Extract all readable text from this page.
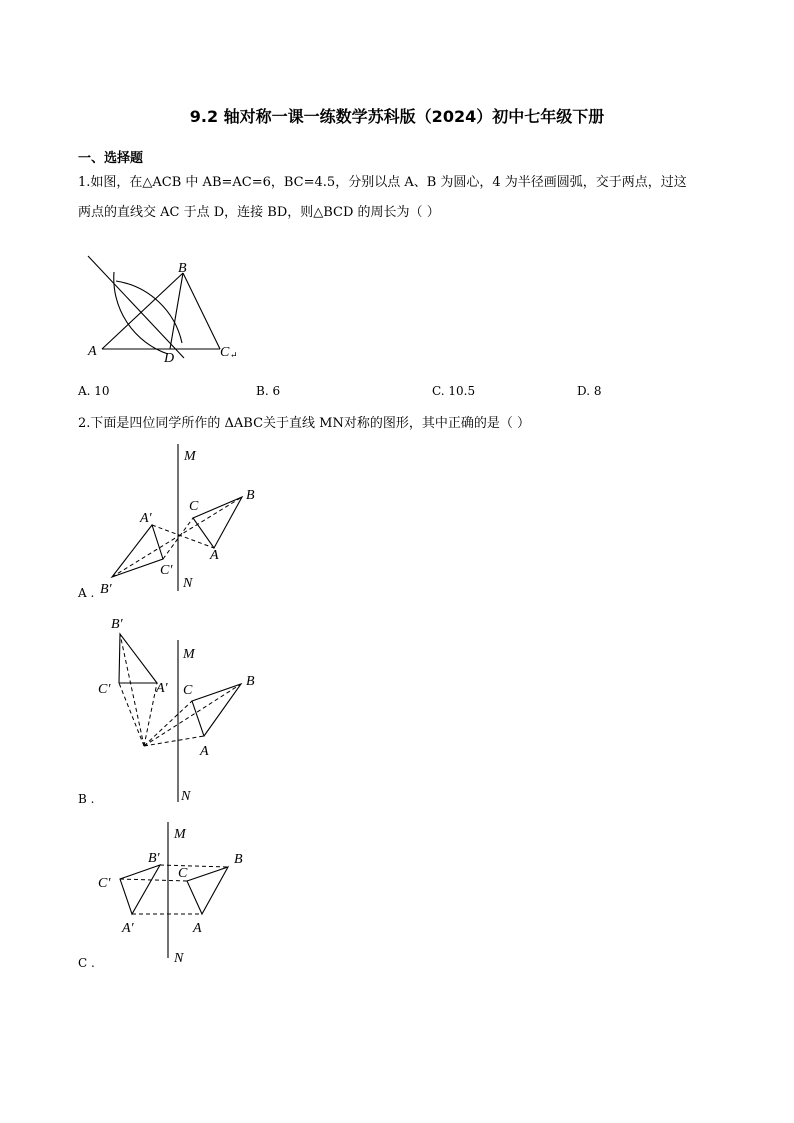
9.2 轴对称一课一练数学苏科版（2024）初中七年级下册
一、选择题
1.如图，在△ACB 中 AB=AC=6，BC=4.5，分别以点 A、B 为圆心，4 为半径画圆弧，交于两点，过这
两点的直线交 AC 于点 D，连接 BD，则△BCD 的周长为（ ）
A
B
C ↵
D
A. 10	B. 6	C. 10.5	D. 8
2.下面是四位同学所作的 ΔABC关于直线 MN对称的图形，其中正确的是（ ）
M
N
B
C
A
A′
C′
B′
A .
M
N
B
C
A
B′
C′	A′
B .
M
N
B
C
A
B′
C′
A′
C .
